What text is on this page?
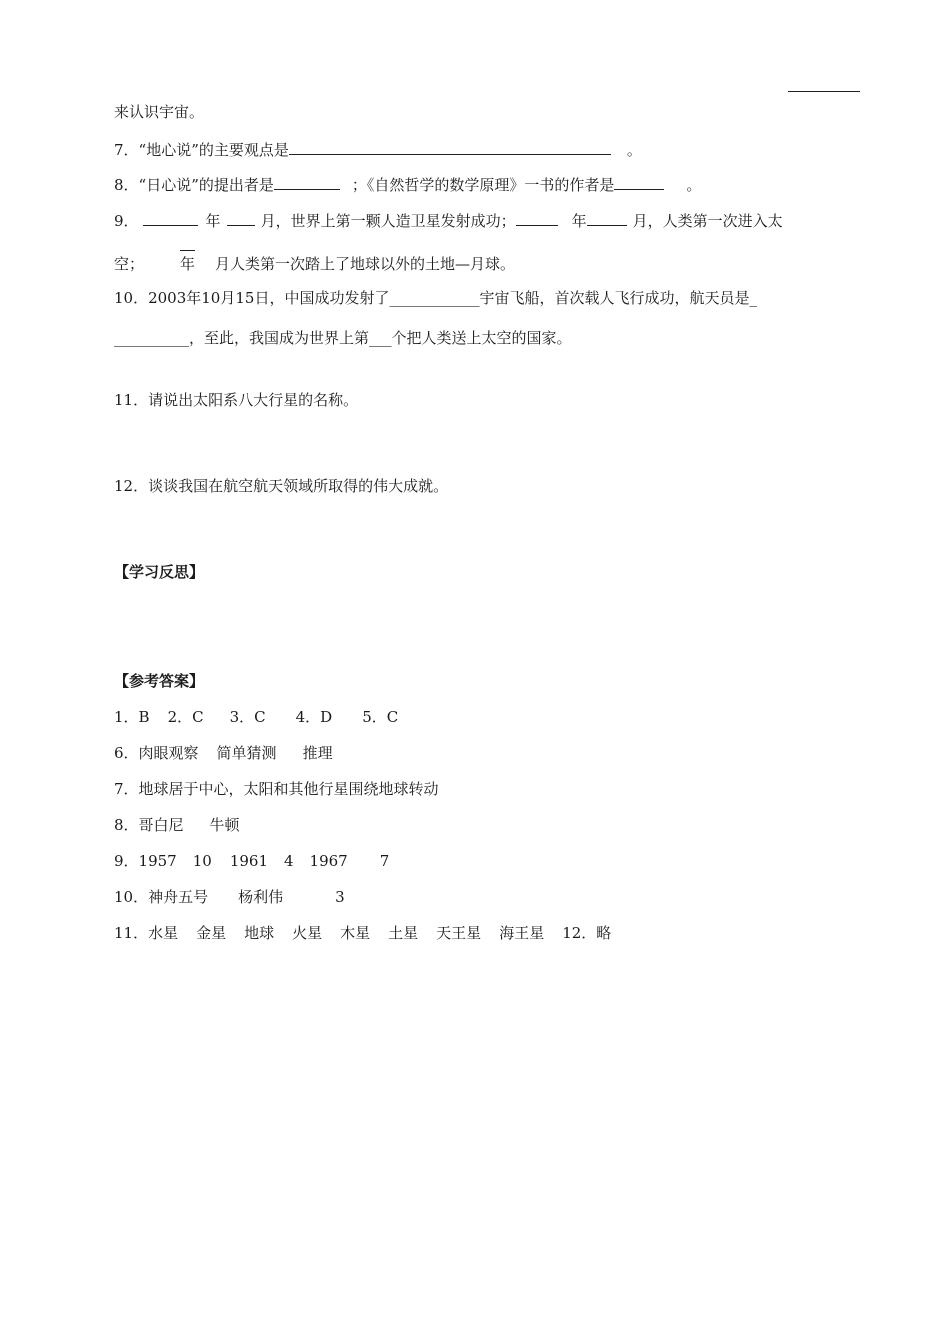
来认识宇宙。
7．“地心说”的主要观点是	。
8．“日心说”的提出者是	；《自然哲学的数学原理》一书的作者是	。
9．	年	月，世界上第一颗人造卫星发射成功；	年	月，人类第一次进入太
空； 年 月人类第一次踏上了地球以外的土地—月球。
10．2003年10月15日，中国成功发射了____________宇宙飞船，首次载人飞行成功，航天员是_
__________，至此，我国成为世界上第___个把人类送上太空的国家。
11．请说出太阳系八大行星的名称。
12．谈谈我国在航空航天领域所取得的伟大成就。
【学习反思】
【参考答案】
1．B 2．C 3．C 4．D 5．C
6．肉眼观察 简单猜测 推理
7．地球居于中心，太阳和其他行星围绕地球转动
8．哥白尼 牛顿
9．1957 10 1961 4 1967 7
10．神舟五号 杨利伟	3
11．水星 金星 地球 火星 木星 土星 天王星 海王星 12．略
